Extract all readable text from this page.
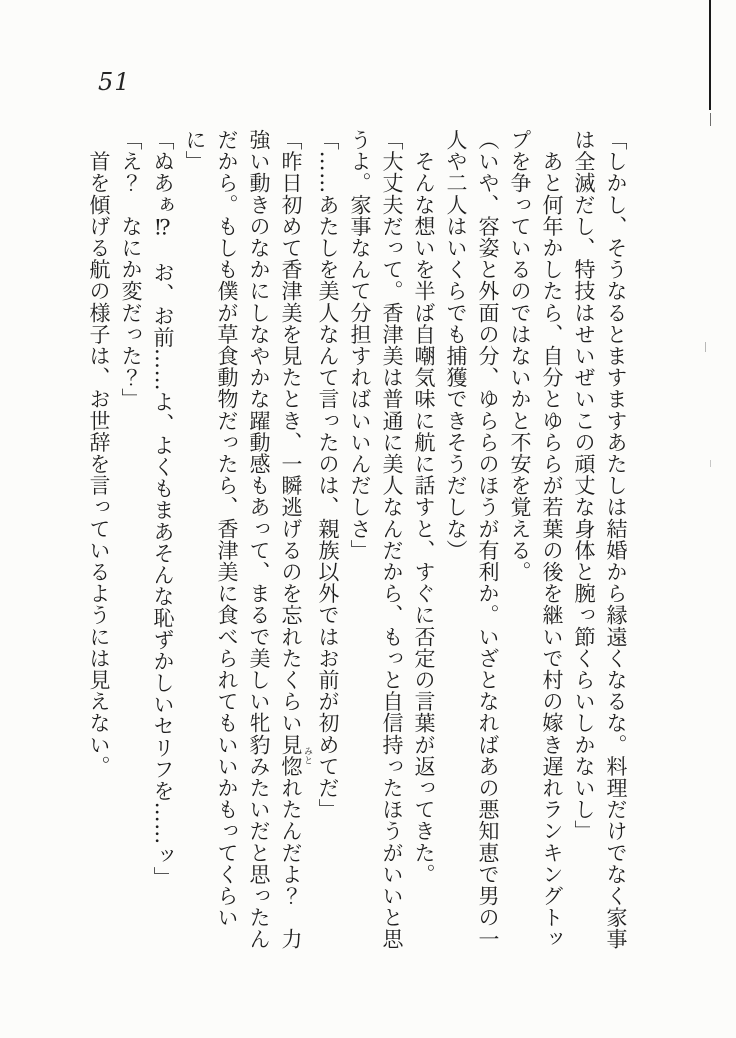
51
「しかし、そうなるとますますあたしは結婚から縁遠くなるな。料理だけでなく家事
は全滅だし、特技はせいぜいこの頑丈な身体と腕っ節くらいしかないし」
　あと何年かしたら、自分とゆららが若葉の後を継いで村の嫁き遅れランキングトッ
プを争っているのではないかと不安を覚える。
（いや、容姿と外面の分、ゆららのほうが有利か。いざとなればあの悪知恵で男の一
人や二人はいくらでも捕獲できそうだしな）
　そんな想いを半ば自嘲気味に航に話すと、すぐに否定の言葉が返ってきた。
「大丈夫だって。香津美は普通に美人なんだから、もっと自信持ったほうがいいと思
うよ。家事なんて分担すればいいんだしさ」
「……あたしを美人なんて言ったのは、親族以外ではお前が初めてだ」
「昨日初めて香津美を見たとき、一瞬逃げるのを忘れたくらい見惚 みとれたんだよ？　力
強い動きのなかにしなやかな躍動感もあって、まるで美しい牝豹みたいだと思ったん
だから。もしも僕が草食動物だったら、香津美に食べられてもいいかもってくらい
に」
「ぬあぁ⁉　お、お前……よ、よくもまあそんな恥ずかしいセリフを……ッ」
「え？　なにか変だった？」
　首を傾げる航の様子は、お世辞を言っているようには見えない。
